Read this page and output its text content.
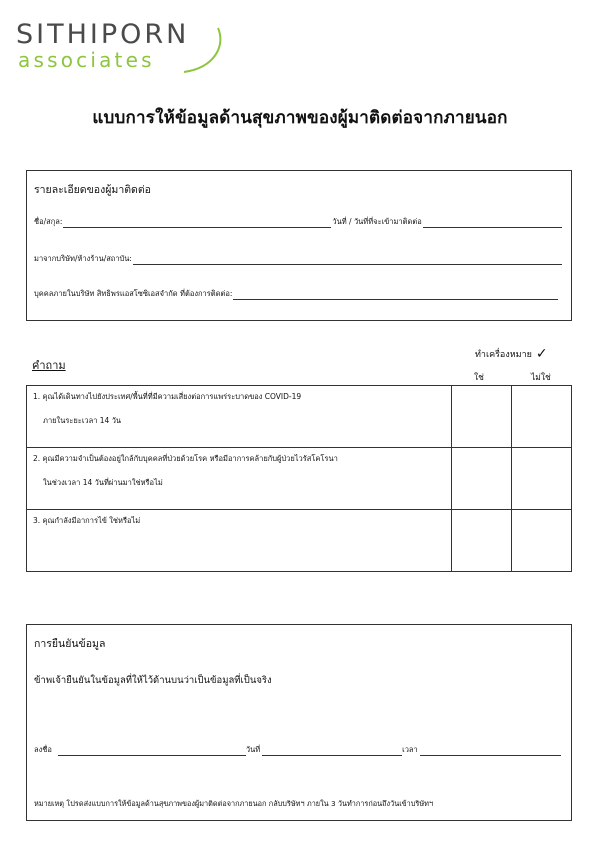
SITHIPORN
associates
แบบการให้ข้อมูลด้านสุขภาพของผู้มาติดต่อจากภายนอก
รายละเอียดของผู้มาติดต่อ
ชื่อ/สกุล:	วันที่ / วันที่ที่จะเข้ามาติดต่อ
มาจากบริษัท/ห้างร้าน/สถาบัน:
บุคคลภายในบริษัท สิทธิพรแอสโซซิเอสจำกัด ที่ต้องการติดต่อ:
คำถาม
ทำเครื่องหมาย ✓
ใช่	ไม่ใช่
1. คุณได้เดินทางไปยังประเทศ/พื้นที่ที่มีความเสี่ยงต่อการแพร่ระบาดของ COVID-19
ภายในระยะเวลา 14 วัน		

2. คุณมีความจำเป็นต้องอยู่ใกล้กับบุคคลที่ป่วยด้วยโรค หรือมีอาการคล้ายกับผู้ป่วยไวรัสโคโรนา
ในช่วงเวลา 14 วันที่ผ่านมาใช่หรือไม่		

3. คุณกำลังมีอาการไข้ ใช่หรือไม่		
การยืนยันข้อมูล
ข้าพเจ้ายืนยันในข้อมูลที่ให้ไว้ด้านบนว่าเป็นข้อมูลที่เป็นจริง
ลงชื่อ	วันที่	เวลา
หมายเหตุ โปรดส่งแบบการให้ข้อมูลด้านสุขภาพของผู้มาติดต่อจากภายนอก กลับบริษัทฯ ภายใน 3 วันทำการก่อนถึงวันเข้าบริษัทฯ
